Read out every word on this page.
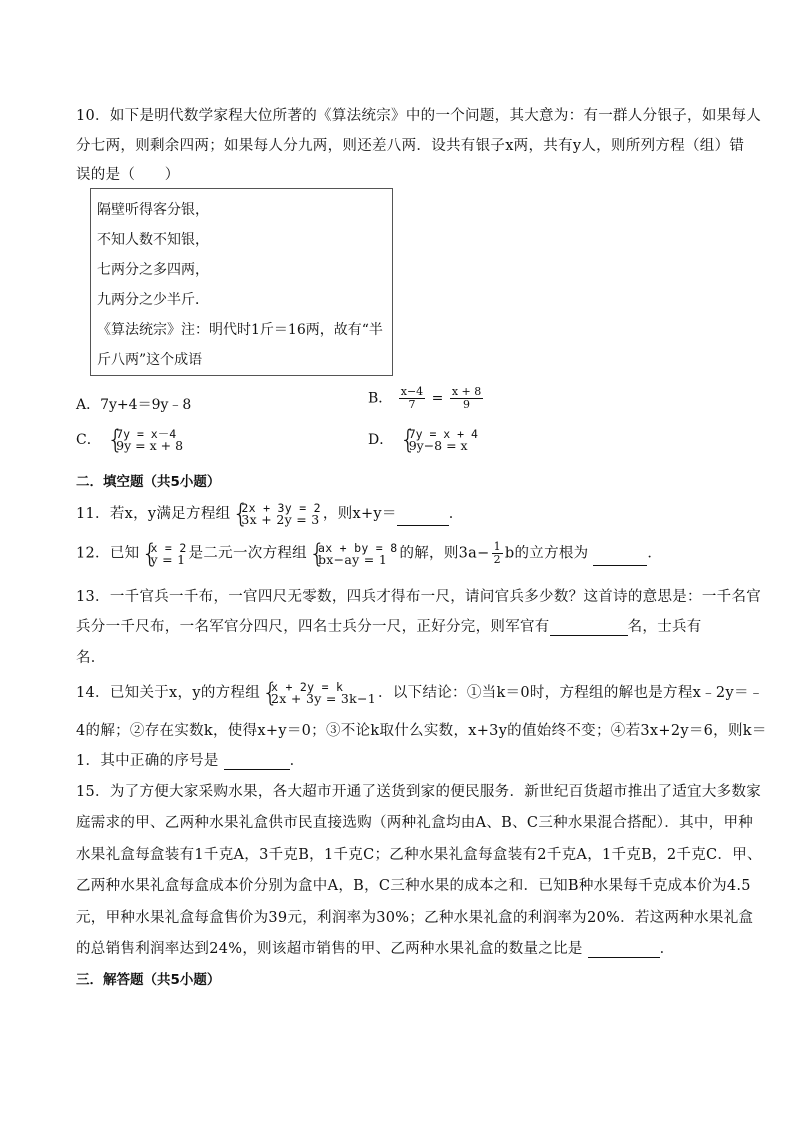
10．如下是明代数学家程大位所著的《算法统宗》中的一个问题，其大意为：有一群人分银子，如果每人
分七两，则剩余四两；如果每人分九两，则还差八两．设共有银子x两，共有y人，则所列方程（组）错
误的是（　　）
隔壁听得客分银，
不知人数不知银，
七两分之多四两，
九两分之少半斤．
《算法统宗》注：明代时1斤＝16两，故有“半
斤八两”这个成语
A．7y+4＝9y﹣8	B． $\frac{x-4}{7} = \frac{x + 8}{9}$
C． {
7y = x－4
9y = x + 8	D． {
7y = x + 4
9y−8 = x
二．填空题（共5小题）
11．若x，y满足方程组 {
2x + 3y = 2
3x + 2y = 3 ，则x+y＝	．
12．已知 {
x = 2
y = 1 是二元一次方程组 {
ax + by = 8
bx−ay = 1 的解，则$3a- \frac{1}{2}$ b的立方根为	．
13．一千官兵一千布，一官四尺无零数，四兵才得布一尺，请问官兵多少数？这首诗的意思是：一千名官
兵分一千尺布，一名军官分四尺，四名士兵分一尺，正好分完，则军官有	名，士兵有
名．
14．已知关于x，y的方程组 {
x + 2y = k
2x + 3y = 3k−1 ．以下结论：①当k＝0时，方程组的解也是方程x﹣2y＝﹣
4的解；②存在实数k，使得x+y＝0；③不论k取什么实数，x+3y的值始终不变；④若3x+2y＝6，则k＝
1．其中正确的序号是	．
15．为了方便大家采购水果，各大超市开通了送货到家的便民服务．新世纪百货超市推出了适宜大多数家
庭需求的甲、乙两种水果礼盒供市民直接选购（两种礼盒均由A、B、C三种水果混合搭配）．其中，甲种
水果礼盒每盒装有1千克A，3千克B，1千克C；乙种水果礼盒每盒装有2千克A，1千克B，2千克C．甲、
乙两种水果礼盒每盒成本价分别为盒中A，B，C三种水果的成本之和．已知B种水果每千克成本价为4.5
元，甲种水果礼盒每盒售价为39元，利润率为30%；乙种水果礼盒的利润率为20%．若这两种水果礼盒
的总销售利润率达到24%，则该超市销售的甲、乙两种水果礼盒的数量之比是	．
三．解答题（共5小题）
